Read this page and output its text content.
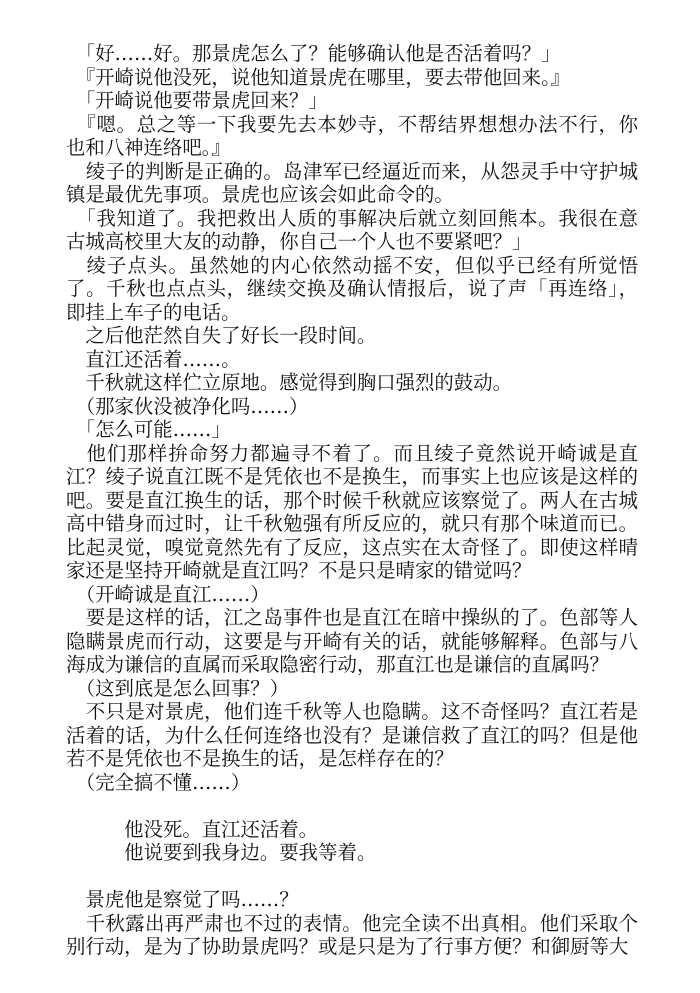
　「好……好。那景虎怎么了？能够确认他是否活着吗？」
　『开崎说他没死，说他知道景虎在哪里，要去带他回来。』
　「开崎说他要带景虎回来？」
　『嗯。总之等一下我要先去本妙寺，不帮结界想想办法不行，你
也和八神连络吧。』
　绫子的判断是正确的。岛津军已经逼近而来，从怨灵手中守护城
镇是最优先事项。景虎也应该会如此命令的。
　「我知道了。我把救出人质的事解决后就立刻回熊本。我很在意
古城高校里大友的动静，你自己一个人也不要紧吧？」
　绫子点头。虽然她的内心依然动摇不安，但似乎已经有所觉悟
了。千秋也点点头，继续交换及确认情报后，说了声「再连络」，
即挂上车子的电话。
　之后他茫然自失了好长一段时间。
　直江还活着……。
　千秋就这样伫立原地。感觉得到胸口强烈的鼓动。
　（那家伙没被净化吗……）
　「怎么可能……」
　他们那样拚命努力都遍寻不着了。而且绫子竟然说开崎诚是直
江？绫子说直江既不是凭依也不是换生，而事实上也应该是这样的
吧。要是直江换生的话，那个时候千秋就应该察觉了。两人在古城
高中错身而过时，让千秋勉强有所反应的，就只有那个味道而已。
比起灵觉，嗅觉竟然先有了反应，这点实在太奇怪了。即使这样晴
家还是坚持开崎就是直江吗？不是只是晴家的错觉吗？
　（开崎诚是直江……）
　要是这样的话，江之岛事件也是直江在暗中操纵的了。色部等人
隐瞒景虎而行动，这要是与开崎有关的话，就能够解释。色部与八
海成为谦信的直属而采取隐密行动，那直江也是谦信的直属吗？
　（这到底是怎么回事？）
　不只是对景虎，他们连千秋等人也隐瞒。这不奇怪吗？直江若是
活着的话，为什么任何连络也没有？是谦信救了直江的吗？但是他
若不是凭依也不是换生的话，是怎样存在的？
　（完全搞不懂……）
　　　他没死。直江还活着。
　　　他说要到我身边。要我等着。
　景虎他是察觉了吗……？
　千秋露出再严肃也不过的表情。他完全读不出真相。他们采取个
别行动，是为了协助景虎吗？或是只是为了行事方便？和御厨等大
